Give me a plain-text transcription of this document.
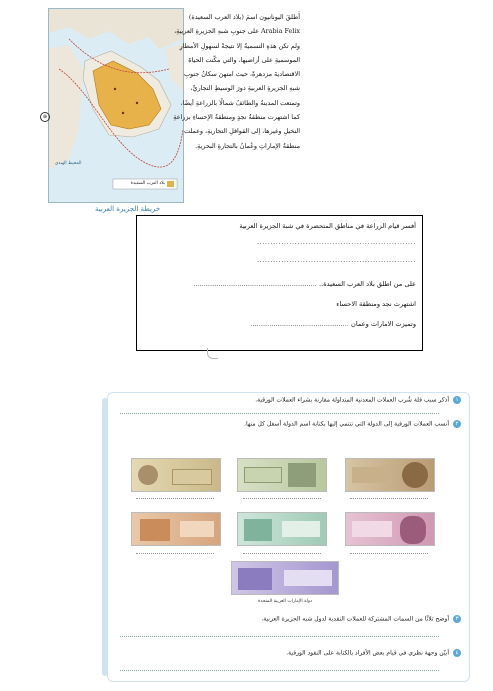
بلاد العرب السعيدة
المحيط الهندي
⊕
خريطة الجزيرة العربية

أَطلقَ اليونانيون اسمَ (بلاد العرب السعيدة)

Arabia Felix على جنوبِ شبهِ الجزيرةِ العربيةِ،

ولم تكن هذهِ التسميةُ إلا نتيجةً لسهولِ الأمطارِ

الموسميةِ على أراضيها، والتي مكّنت الحياةَ

الاقتصاديةَ مزدهرةً، حيث امتهنَ سكانُ جنوبِ

شبهِ الجزيرةِ العربيةِ دورَ الوسيطِ التجاريِّ،

وتمتعت المدينةُ والطائفُ شمالًا بالزراعةِ أيضًا،

كما اشتهرت منطقةُ نجدٍ ومنطقةُ الإحساءِ بزراعةِ

النخيلِ وغيرها، إلى القوافلِ التجاريةِ، وعملت

منطقةُ الإماراتِ وعُمانُ بالتجارةِ البحريةِ.

أفسر قيام الزراعة في مناطق المتحضرة في شبة الجزيرة العربية
...........................................................
...........................................................
على من اطلق بلاد العرب السعيدة.. ...........................................................
اشتهرت نجد ومنطقة الاحساء
وتميزت الامارات وعمان ...............................................
١أذكر سبب قلة شُرب العملات المعدنية المتداولة مقارنة بشراء العملات الورقية.
٢أنسب العملات الورقية إلى الدولة التي تنتمي إليها بكتابة اسم الدولة أسفل كل منها.
دولة الإمارات العربية المتحدة
٣أوضح ثلاثًا من السمات المشتركة للعملات النقدية لدول شبه الجزيرة العربية.
٤أبيّن وجهة نظري في قيام بعض الأفراد بالكتابة على النقود الورقية.
